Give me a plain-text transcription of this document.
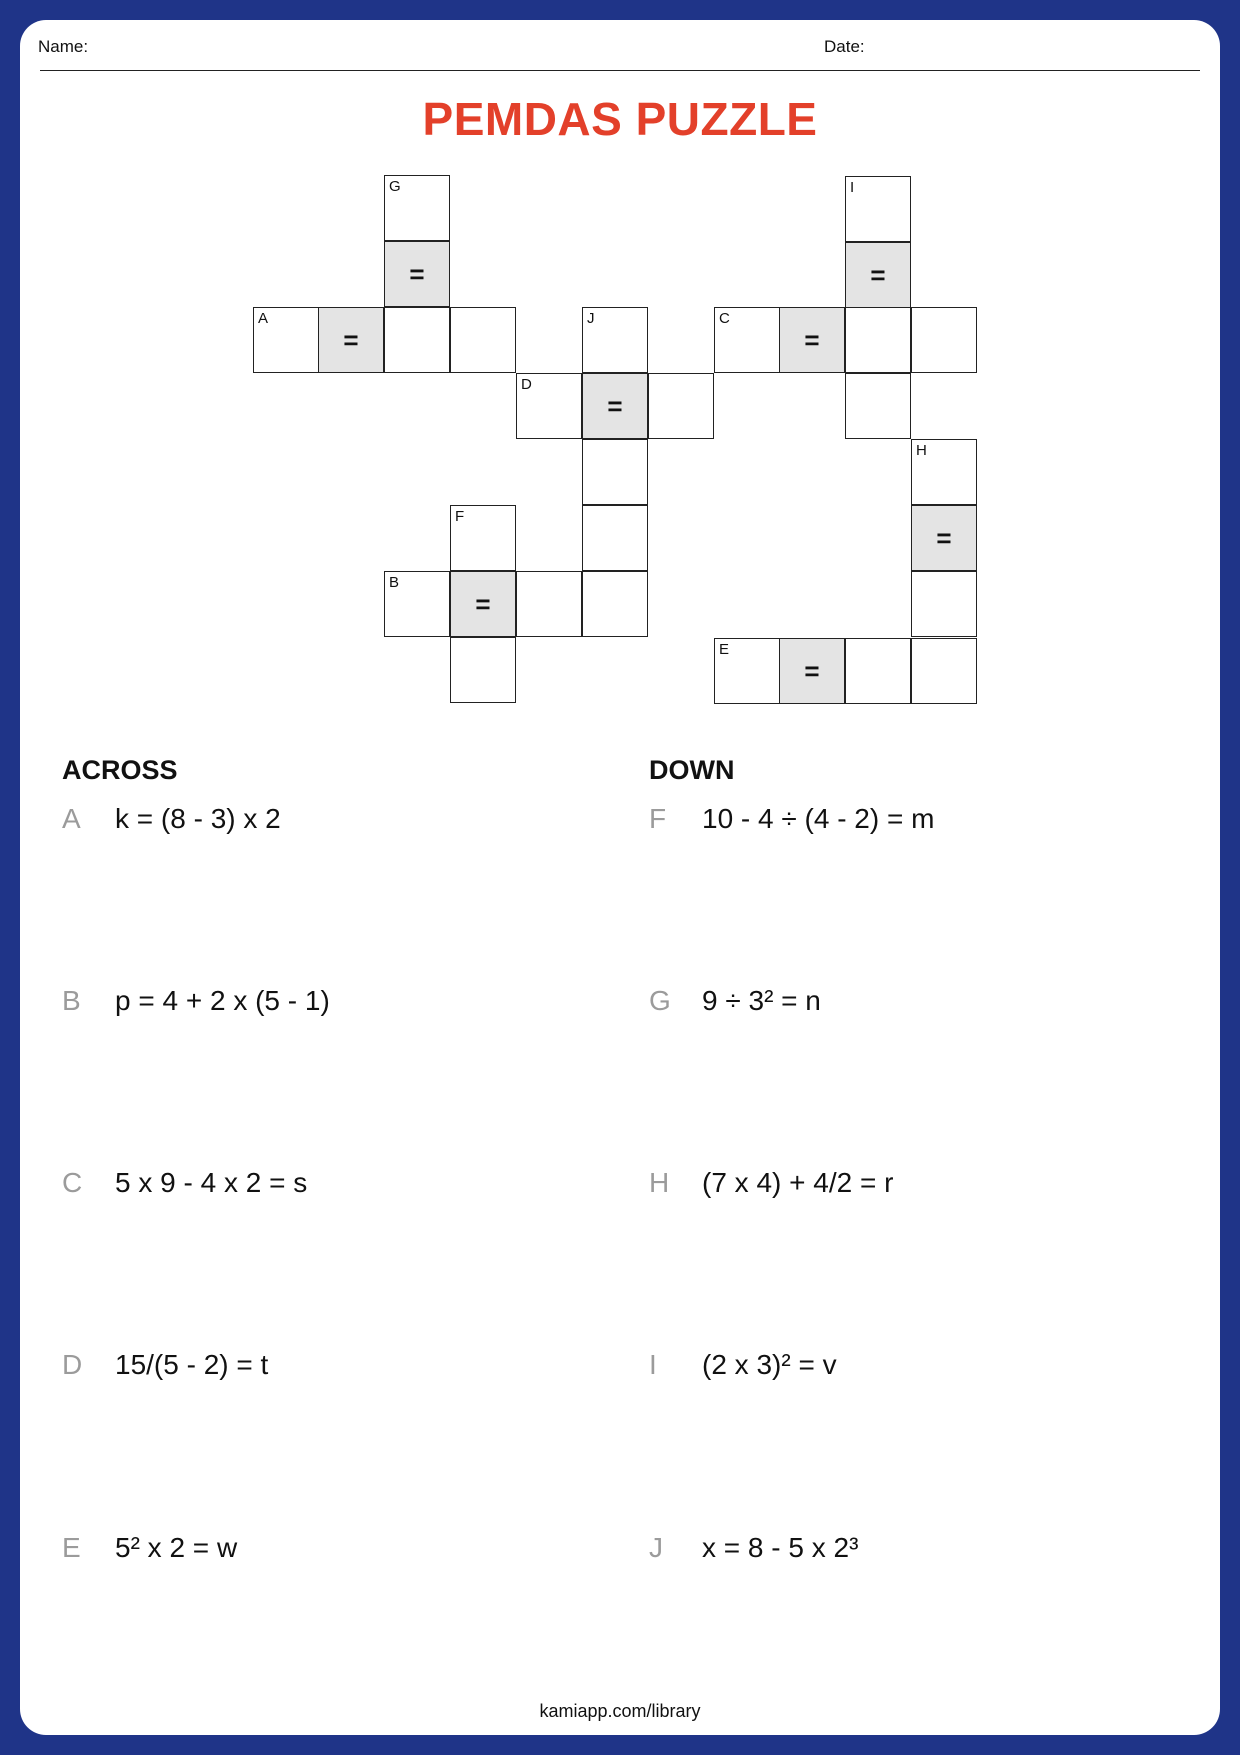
Name:	Date:
PEMDAS PUZZLE
G
=
I
=
A
=
J	C
=
D
=
H
=
F
B
=
E
=
ACROSS
A k = (8 - 3) x 2
B p = 4 + 2 x (5 - 1)
C 5 x 9 - 4 x 2 = s
D 15/(5 - 2) = t
E 5² x 2 = w
DOWN
F 10 - 4 ÷ (4 - 2) = m
G 9 ÷ 3² = n
H (7 x 4) + 4/2 = r
I (2 x 3)² = v
J x = 8 - 5 x 2³
kamiapp.com/library
